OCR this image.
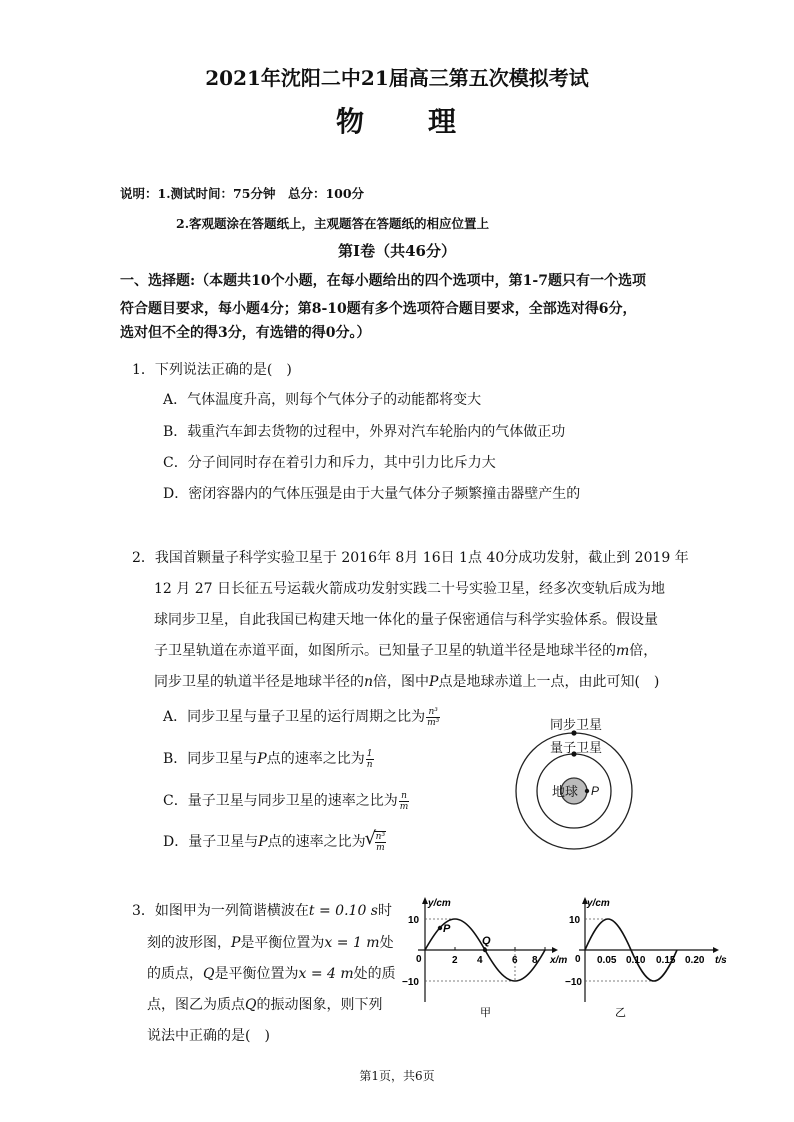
2021年沈阳二中21届高三第五次模拟考试
物 理
说明：1.测试时间：75分钟　总分：100分
2.客观题涂在答题纸上，主观题答在答题纸的相应位置上
第Ⅰ卷（共46分）
一、选择题:（本题共10个小题，在每小题给出的四个选项中，第1-7题只有一个选项
符合题目要求，每小题4分；第8-10题有多个选项符合题目要求，全部选对得6分，
选对但不全的得3分，有选错的得0分。）
1．下列说法正确的是(　)
A．气体温度升高，则每个气体分子的动能都将变大
B．载重汽车卸去货物的过程中，外界对汽车轮胎内的气体做正功
C．分子间同时存在着引力和斥力，其中引力比斥力大
D．密闭容器内的气体压强是由于大量气体分子频繁撞击器壁产生的
2．我国首颗量子科学实验卫星于 2016年 8月 16日 1点 40分成功发射，截止到 2019 年
12 月 27 日长征五号运载火箭成功发射实践二十号实验卫星，经多次变轨后成为地
球同步卫星，自此我国已构建天地一体化的量子保密通信与科学实验体系。假设量
子卫星轨道在赤道平面，如图所示。已知量子卫星的轨道半径是地球半径的m倍，
同步卫星的轨道半径是地球半径的n倍，图中P点是地球赤道上一点，由此可知(　)
A．同步卫星与量子卫星的运行周期之比为 $\frac{\text{n³}}{\text{m³}}$
B．同步卫星与P点的速率之比为 $\frac{1}{n}$
C．量子卫星与同步卫星的速率之比为 $\frac{n}{m}$
D．量子卫星与P点的速率之比为
√ $\frac{\text{n³}}{m}$
同步卫星
量子卫星
地球 P
3．如图甲为一列简谐横波在t = 0.10 s时
刻的波形图，P是平衡位置为x = 1 m处
的质点，Q是平衡位置为x = 4 m处的质
点，图乙为质点Q的振动图象，则下列
说法中正确的是(　)
y/cm
x/m
10
−10
0	2 4	6 8
P
Q
甲
y/cm
t/s
10
−10
0 0.05 0.10 0.15 0.20
乙
第1页，共6页
